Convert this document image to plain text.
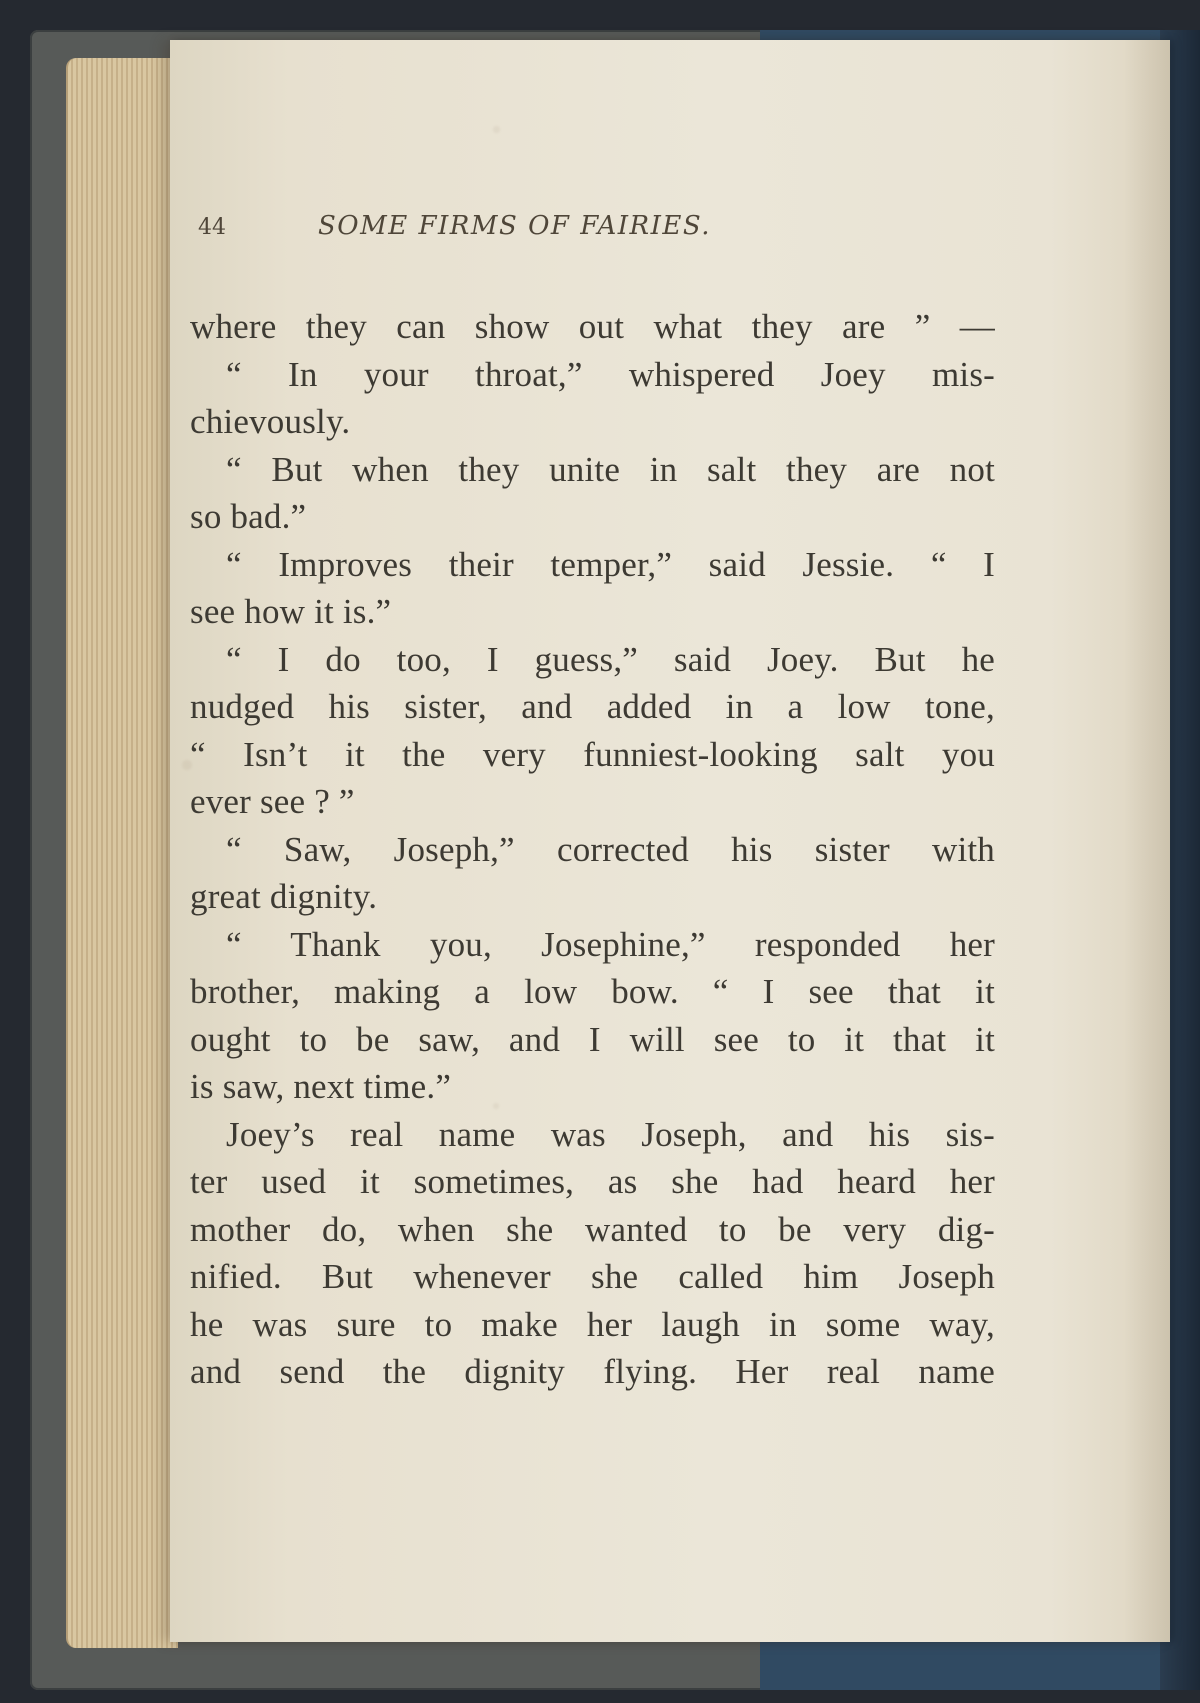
44	SOME FIRMS OF FAIRIES.
where they can show out what they are ” —
“ In your throat,” whispered Joey mis-
chievously.
“ But when they unite in salt they are not
so bad.”
“ Improves their temper,” said Jessie. “ I
see how it is.”
“ I do too, I guess,” said Joey. But he
nudged his sister, and added in a low tone,
“ Isn’t it the very funniest-looking salt you
ever see ? ”
“ Saw, Joseph,” corrected his sister with
great dignity.
“ Thank you, Josephine,” responded her
brother, making a low bow. “ I see that it
ought to be saw, and I will see to it that it
is saw, next time.”
Joey’s real name was Joseph, and his sis-
ter used it sometimes, as she had heard her
mother do, when she wanted to be very dig-
nified. But whenever she called him Joseph
he was sure to make her laugh in some way,
and send the dignity flying. Her real name
